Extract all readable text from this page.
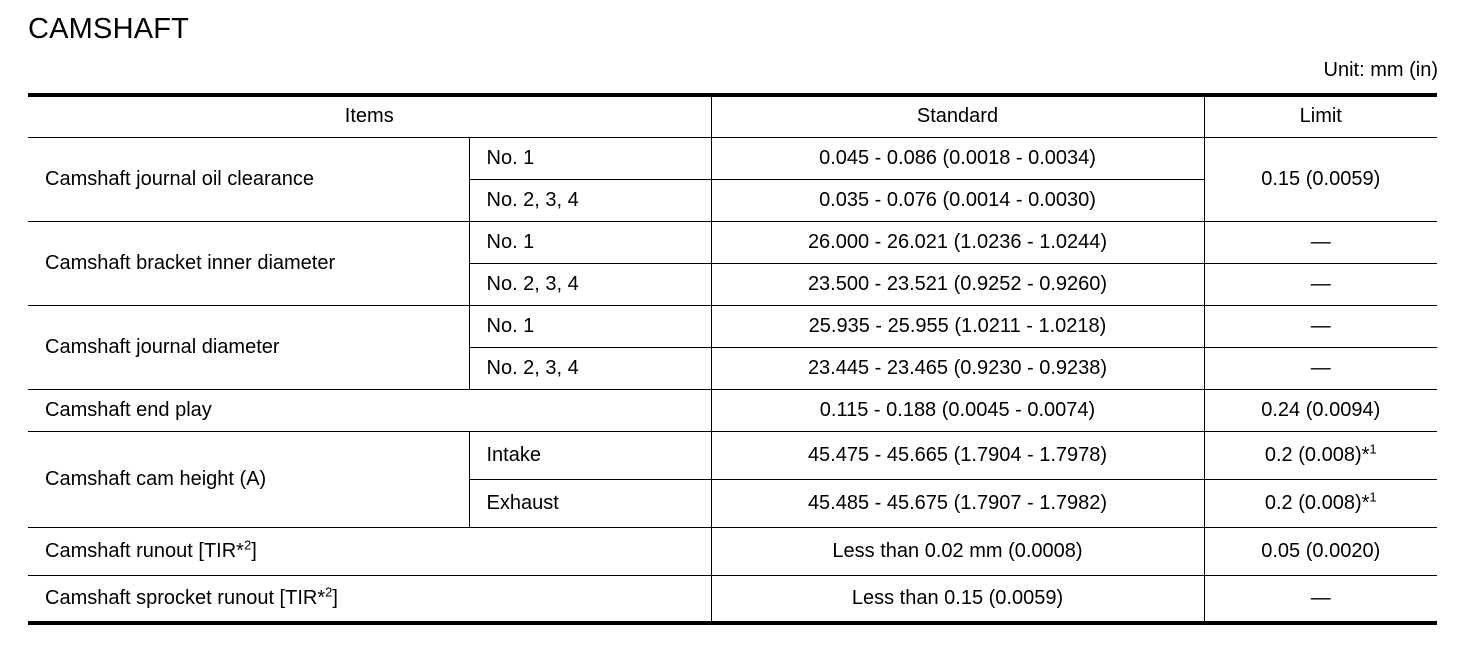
CAMSHAFT
Unit: mm (in)
Items		Standard	Limit
Camshaft journal oil clearance	No. 1	0.045 - 0.086 (0.0018 - 0.0034)	0.15 (0.0059)
	No. 2, 3, 4	0.035 - 0.076 (0.0014 - 0.0030)	
Camshaft bracket inner diameter	No. 1	26.000 - 26.021 (1.0236 - 1.0244)	—
	No. 2, 3, 4	23.500 - 23.521 (0.9252 - 0.9260)	—
Camshaft journal diameter	No. 1	25.935 - 25.955 (1.0211 - 1.0218)	—
	No. 2, 3, 4	23.445 - 23.465 (0.9230 - 0.9238)	—
Camshaft end play		0.115 - 0.188 (0.0045 - 0.0074)	0.24 (0.0094)
Camshaft cam height (A)	Intake	45.475 - 45.665 (1.7904 - 1.7978)	0.2 (0.008)*$^1$
	Exhaust	45.485 - 45.675 (1.7907 - 1.7982)	0.2 (0.008)*$^1$
Camshaft runout [TIR*$^2$]		Less than 0.02 mm (0.0008)	0.05 (0.0020)
Camshaft sprocket runout [TIR*$^2$]		Less than 0.15 (0.0059)	—
